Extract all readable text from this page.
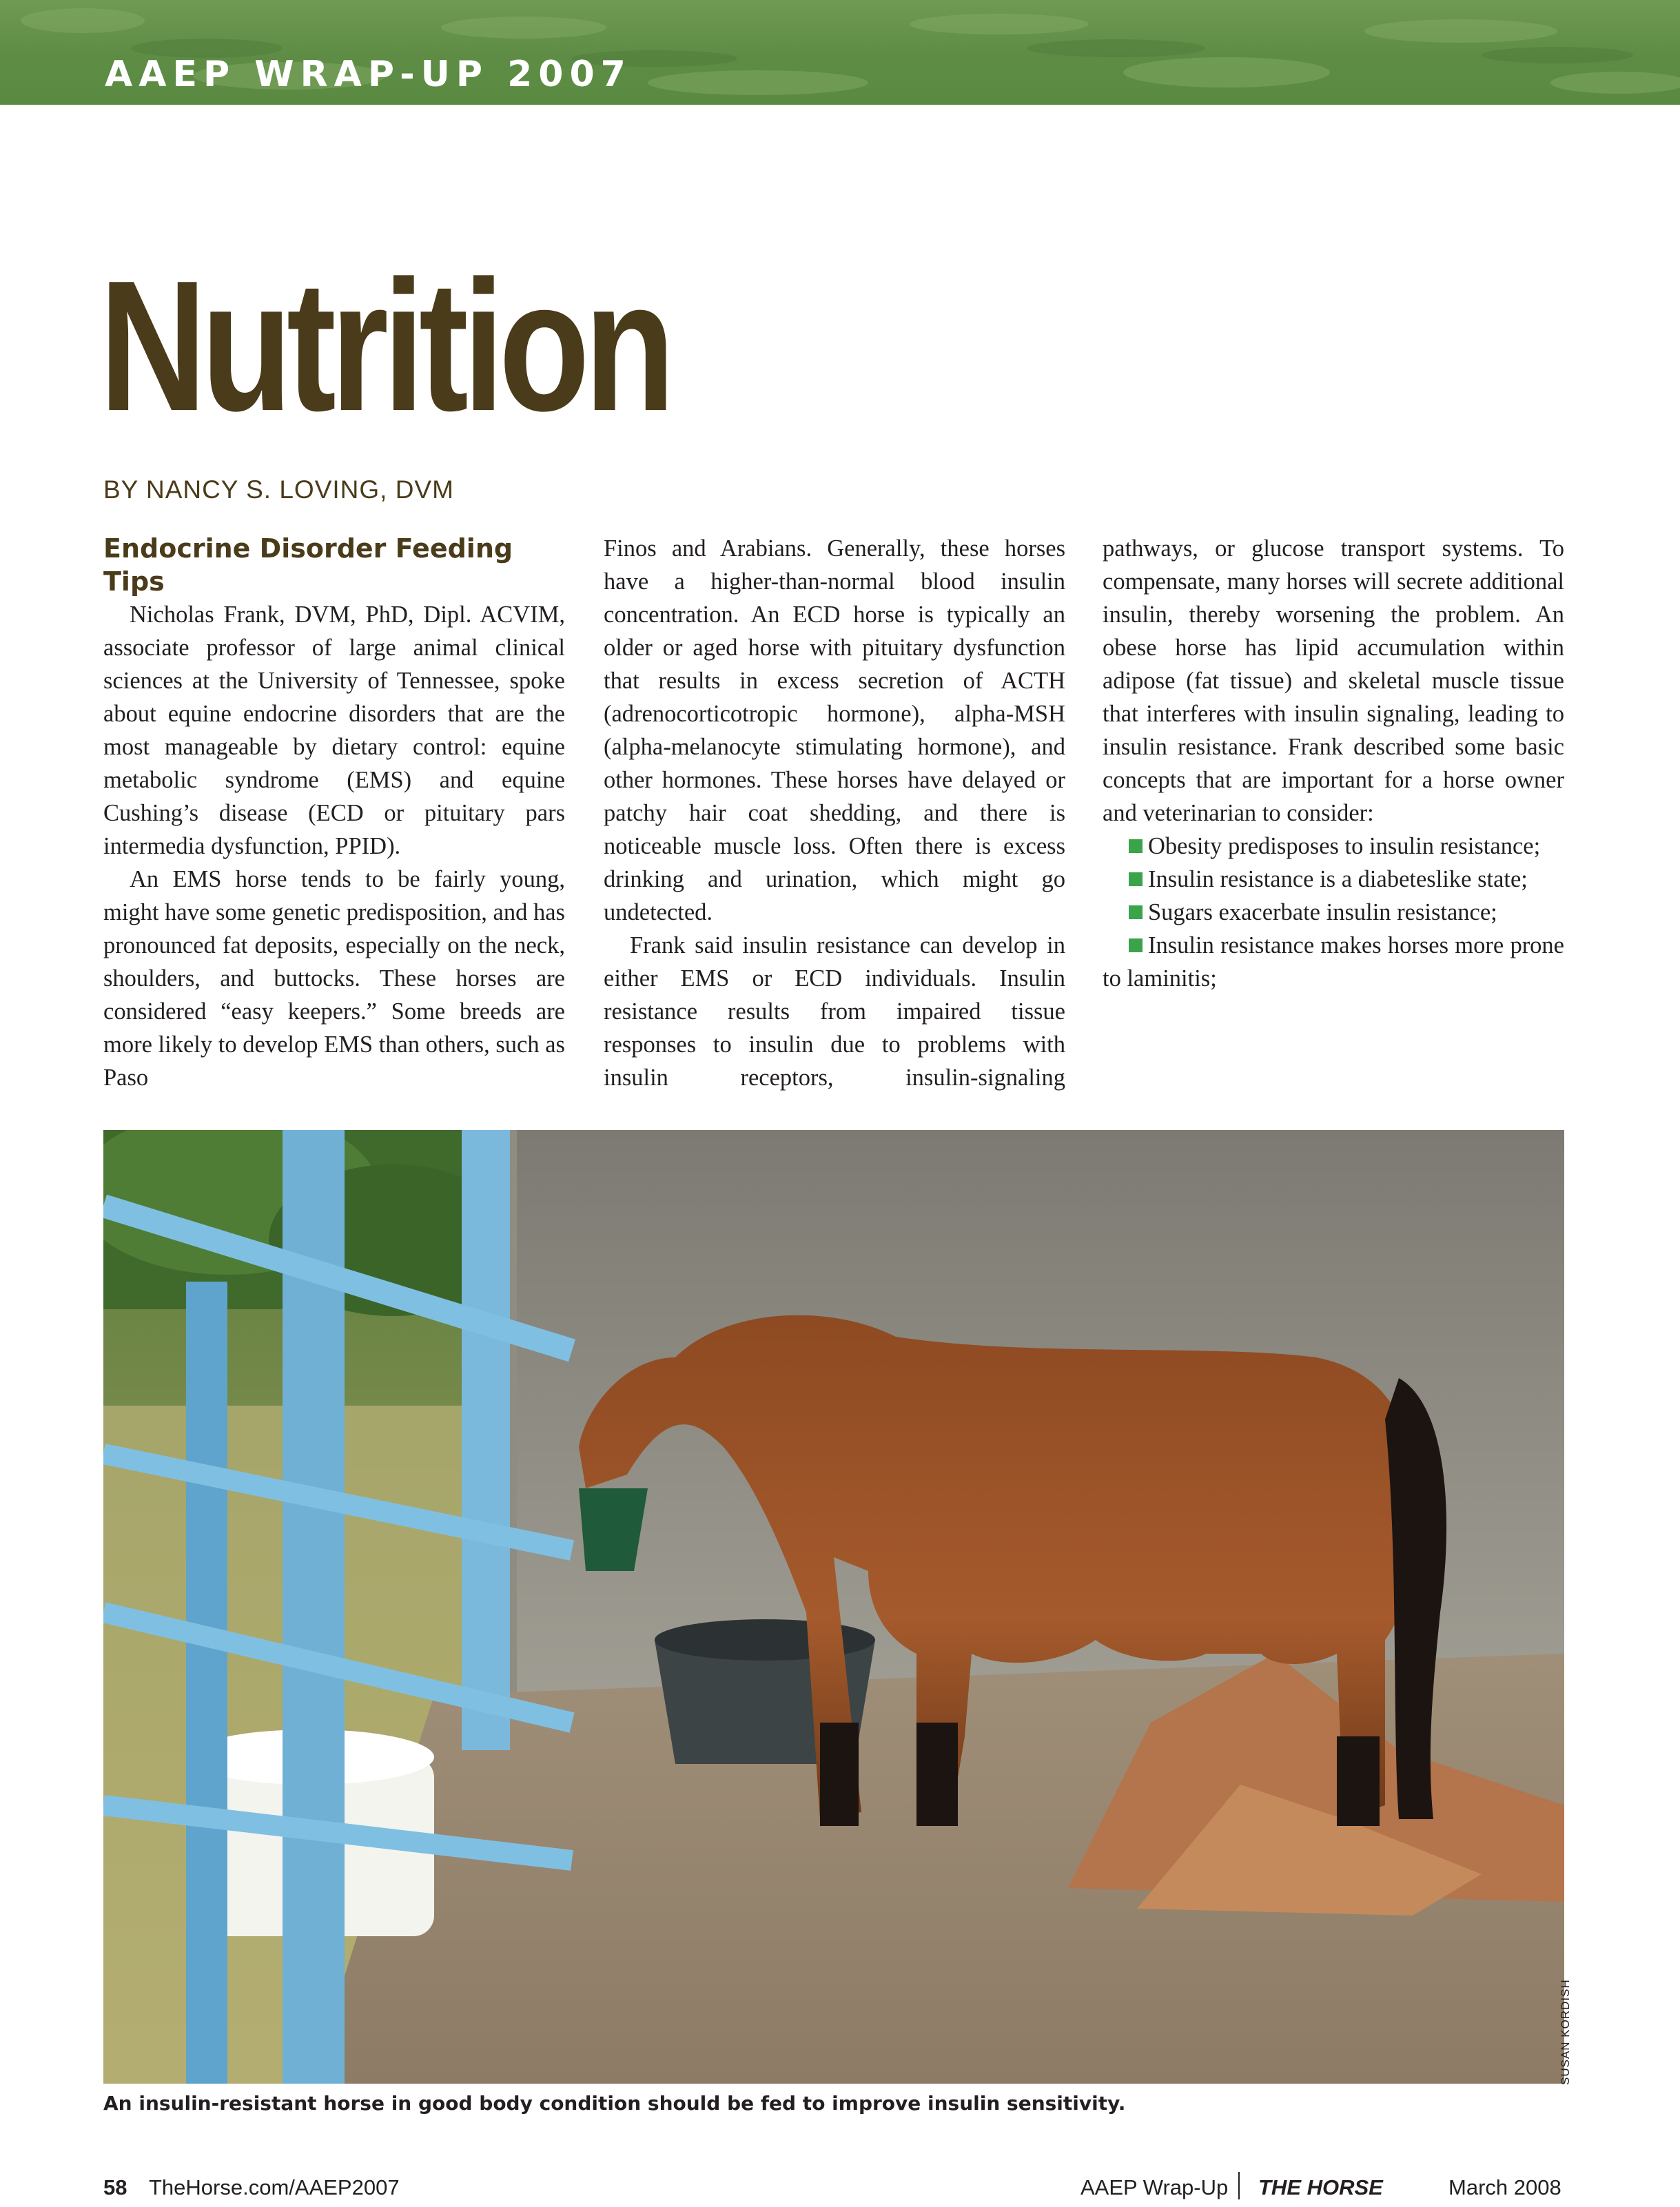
AAEP WRAP-UP 2007
Nutrition

BY NANCY S. LOVING, DVM

Endocrine Disorder Feeding Tips

Nicholas Frank, DVM, PhD, Dipl. ACVIM, associate professor of large animal clinical sciences at the University of Tennessee, spoke about equine endocrine disorders that are the most manageable by dietary control: equine metabolic syndrome (EMS) and equine Cushing’s disease (ECD or pituitary pars intermedia dysfunction, PPID).

An EMS horse tends to be fairly young, might have some genetic predisposition, and has pronounced fat deposits, especially on the neck, shoulders, and buttocks. These horses are considered “easy keepers.” Some breeds are more likely to develop EMS than others, such as Paso

Finos and Arabians. Generally, these horses have a higher-than-normal blood insulin concentration. An ECD horse is typically an older or aged horse with pituitary dysfunction that results in excess secretion of ACTH (adrenocorticotropic hormone), alpha-MSH (alpha-melanocyte stimulating hormone), and other hormones. These horses have delayed or patchy hair coat shedding, and there is noticeable muscle loss. Often there is excess drinking and urination, which might go undetected.

Frank said insulin resistance can develop in either EMS or ECD individuals. Insulin resistance results from impaired tissue responses to insulin due to problems with insulin receptors, insulin-signaling

pathways, or glucose transport systems. To compensate, many horses will secrete additional insulin, thereby worsening the problem. An obese horse has lipid accumulation within adipose (fat tissue) and skeletal muscle tissue that interferes with insulin signaling, leading to insulin resistance. Frank described some basic concepts that are important for a horse owner and veterinarian to consider:

Obesity predisposes to insulin resistance;

Insulin resistance is a diabeteslike state;

Sugars exacerbate insulin resistance;

Insulin resistance makes horses more prone to laminitis;

SUSAN KORDISH

An insulin-resistant horse in good body condition should be fed to improve insulin sensitivity.

58 TheHorse.com/AAEP2007	AAEP Wrap-Up THE HORSE	March 2008
